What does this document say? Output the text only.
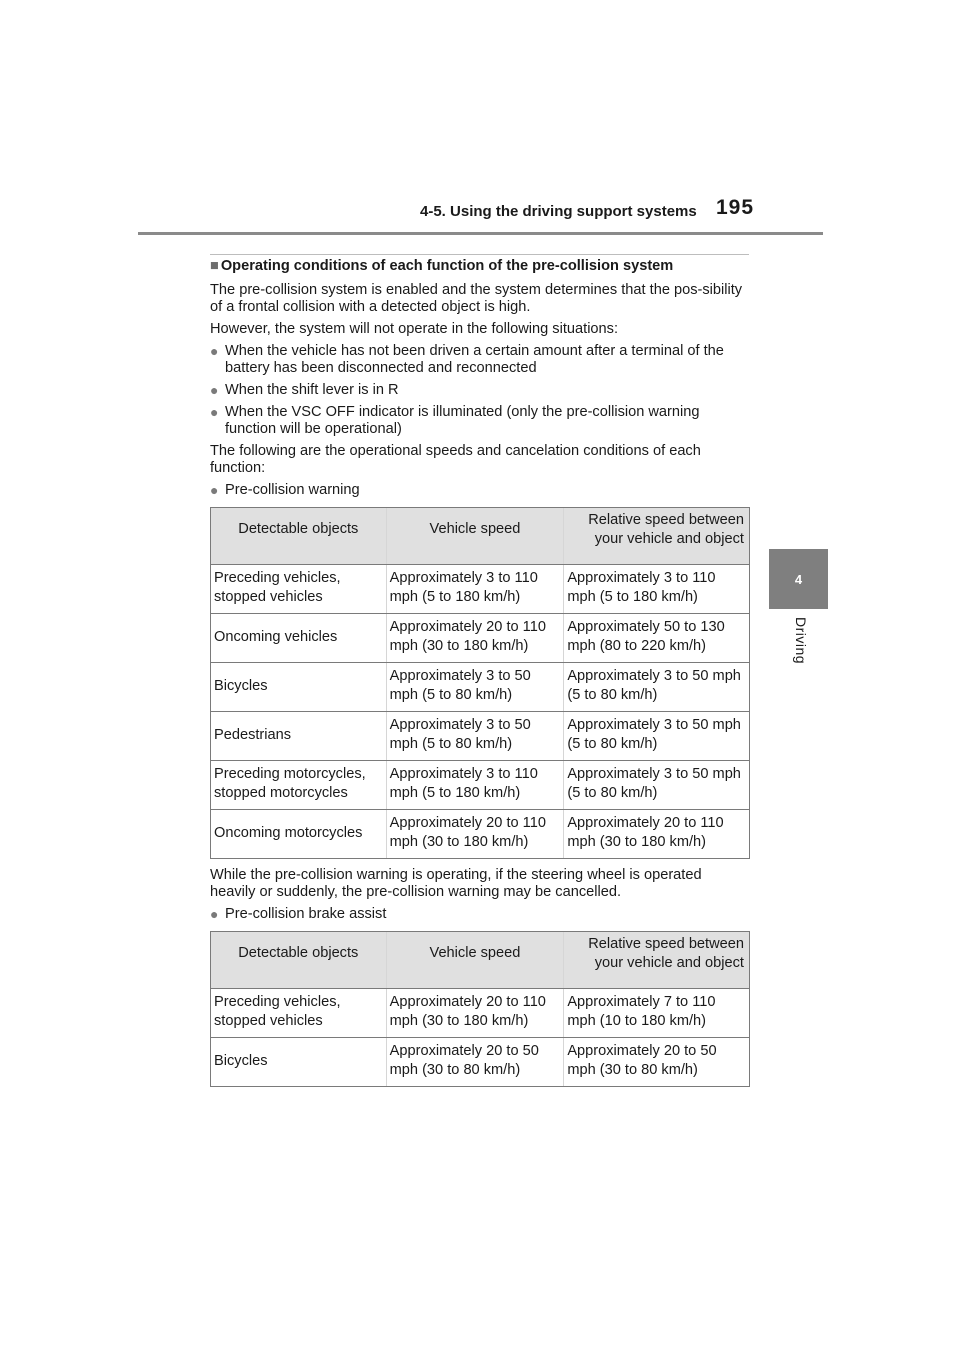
4-5. Using the driving support systems 195
4
Driving
■ Operating conditions of each function of the pre-collision system
The pre-collision system is enabled and the system determines that the pos-sibility of a frontal collision with a detected object is high.
However, the system will not operate in the following situations:
● When the vehicle has not been driven a certain amount after a terminal of the battery has been disconnected and reconnected
● When the shift lever is in R
● When the VSC OFF indicator is illuminated (only the pre-collision warning function will be operational)
The following are the operational speeds and cancelation conditions of each function:
● Pre-collision warning
Detectable objects	Vehicle speed	Relative speed between your vehicle and object
Preceding vehicles, stopped vehicles	Approximately 3 to 110 mph (5 to 180 km/h)	Approximately 3 to 110 mph (5 to 180 km/h)
Oncoming vehicles	Approximately 20 to 110 mph (30 to 180 km/h)	Approximately 50 to 130 mph (80 to 220 km/h)
Bicycles	Approximately 3 to 50 mph (5 to 80 km/h)	Approximately 3 to 50 mph (5 to 80 km/h)
Pedestrians	Approximately 3 to 50 mph (5 to 80 km/h)	Approximately 3 to 50 mph (5 to 80 km/h)
Preceding motorcycles, stopped motorcycles	Approximately 3 to 110 mph (5 to 180 km/h)	Approximately 3 to 50 mph (5 to 80 km/h)
Oncoming motorcycles	Approximately 20 to 110 mph (30 to 180 km/h)	Approximately 20 to 110 mph (30 to 180 km/h)
While the pre-collision warning is operating, if the steering wheel is operated heavily or suddenly, the pre-collision warning may be cancelled.
● Pre-collision brake assist
Detectable objects	Vehicle speed	Relative speed between your vehicle and object
Preceding vehicles, stopped vehicles	Approximately 20 to 110 mph (30 to 180 km/h)	Approximately 7 to 110 mph (10 to 180 km/h)
Bicycles	Approximately 20 to 50 mph (30 to 80 km/h)	Approximately 20 to 50 mph (30 to 80 km/h)
